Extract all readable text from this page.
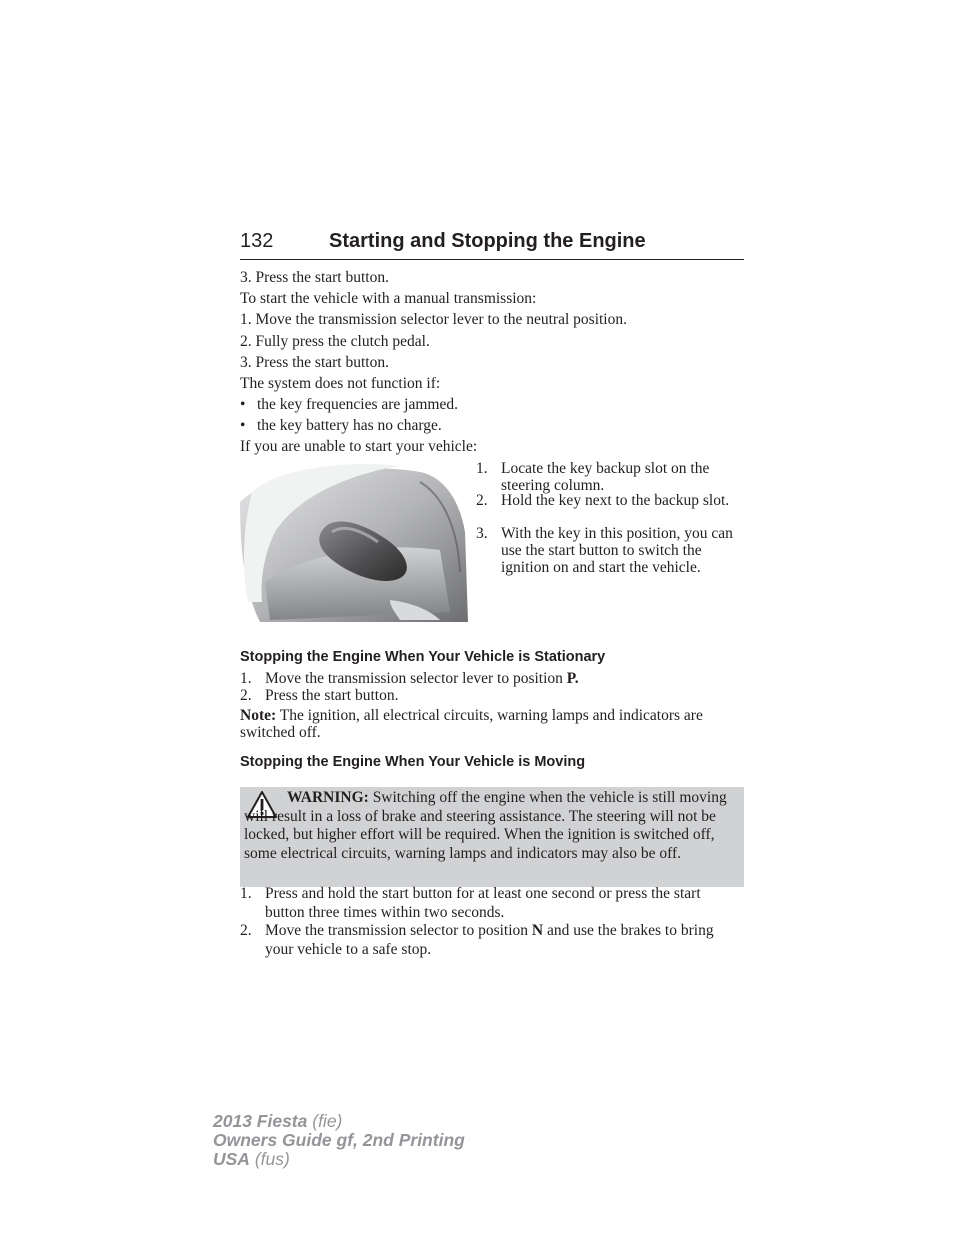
132	Starting and Stopping the Engine
3. Press the start button.
To start the vehicle with a manual transmission:
1. Move the transmission selector lever to the neutral position.
2. Fully press the clutch pedal.
3. Press the start button.
The system does not function if:
• the key frequencies are jammed.
• the key battery has no charge.
If you are unable to start your vehicle:
1. Locate the key backup slot on the steering column.
2. Hold the key next to the backup slot.
3. With the key in this position, you can use the start button to switch the ignition on and start the vehicle.
Stopping the Engine When Your Vehicle is Stationary
1. Move the transmission selector lever to position P.
2. Press the start button.
Note: The ignition, all electrical circuits, warning lamps and indicators are switched off.
Stopping the Engine When Your Vehicle is Moving
WARNING: Switching off the engine when the vehicle is still moving will result in a loss of brake and steering assistance. The steering will not be locked, but higher effort will be required. When the ignition is switched off, some electrical circuits, warning lamps and indicators may also be off.
1. Press and hold the start button for at least one second or press the start button three times within two seconds.
2. Move the transmission selector to position N and use the brakes to bring your vehicle to a safe stop.
2013 Fiesta (fie)
Owners Guide gf, 2nd Printing
USA (fus)
